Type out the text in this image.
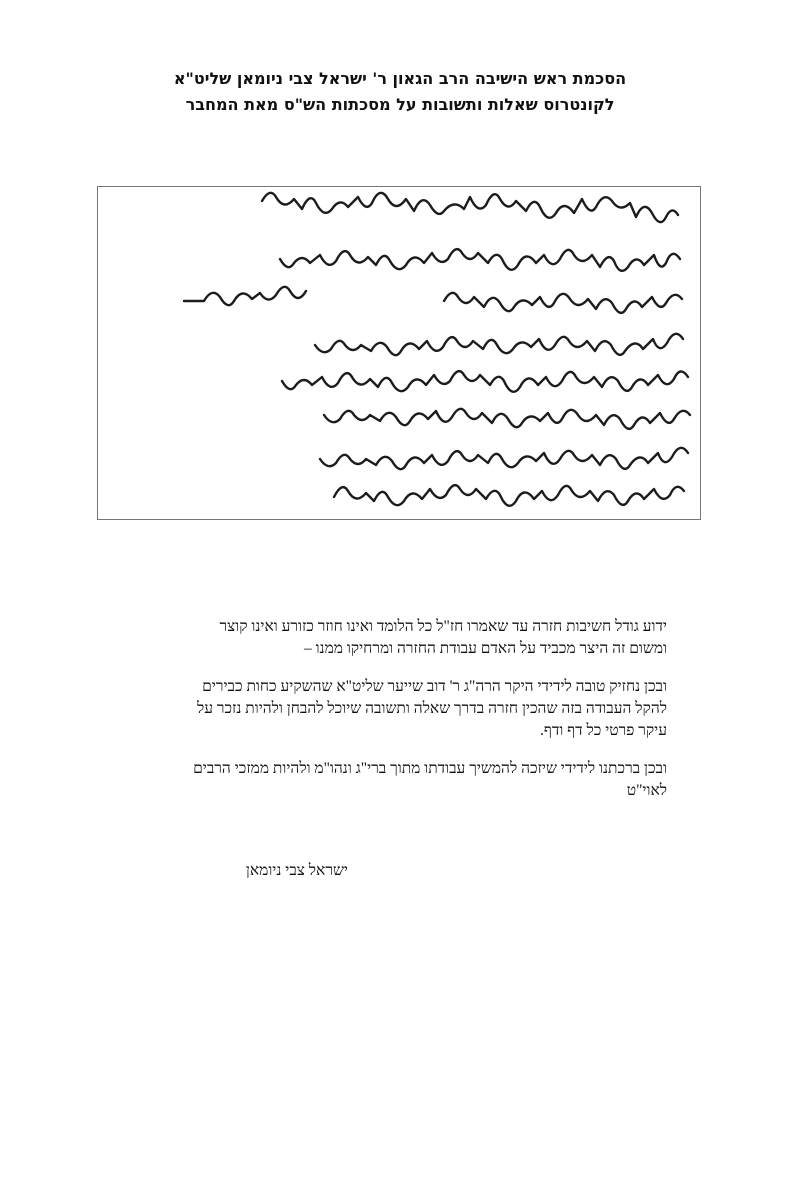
הסכמת ראש הישיבה הרב הגאון ר' ישראל צבי ניומאן שליט"א
לקונטרוס שאלות ותשובות על מסכתות הש"ס מאת המחבר

ידוע גודל חשיבות חזרה עד שאמרו חז"ל כל הלומד ואינו חוזר כזורע ואינו קוצר ומשום זה היצר מכביד על האדם עבודת החזרה ומרחיקו ממנו –

ובכן נחזיק טובה לידידי היקר הרה"ג ר' דוב שייער שליט"א שהשקיע כחות כבירים להקל העבודה בזה שהכין חזרה בדרך שאלה ותשובה שיוכל להבחן ולהיות נזכר על עיקר פרטי כל דף ודף.

ובכן ברכתנו לידידי שיזכה להמשיך עבודתו מתוך ברי"ג ונהו"מ ולהיות ממזכי הרבים לאוי"ט

ישראל צבי ניומאן
